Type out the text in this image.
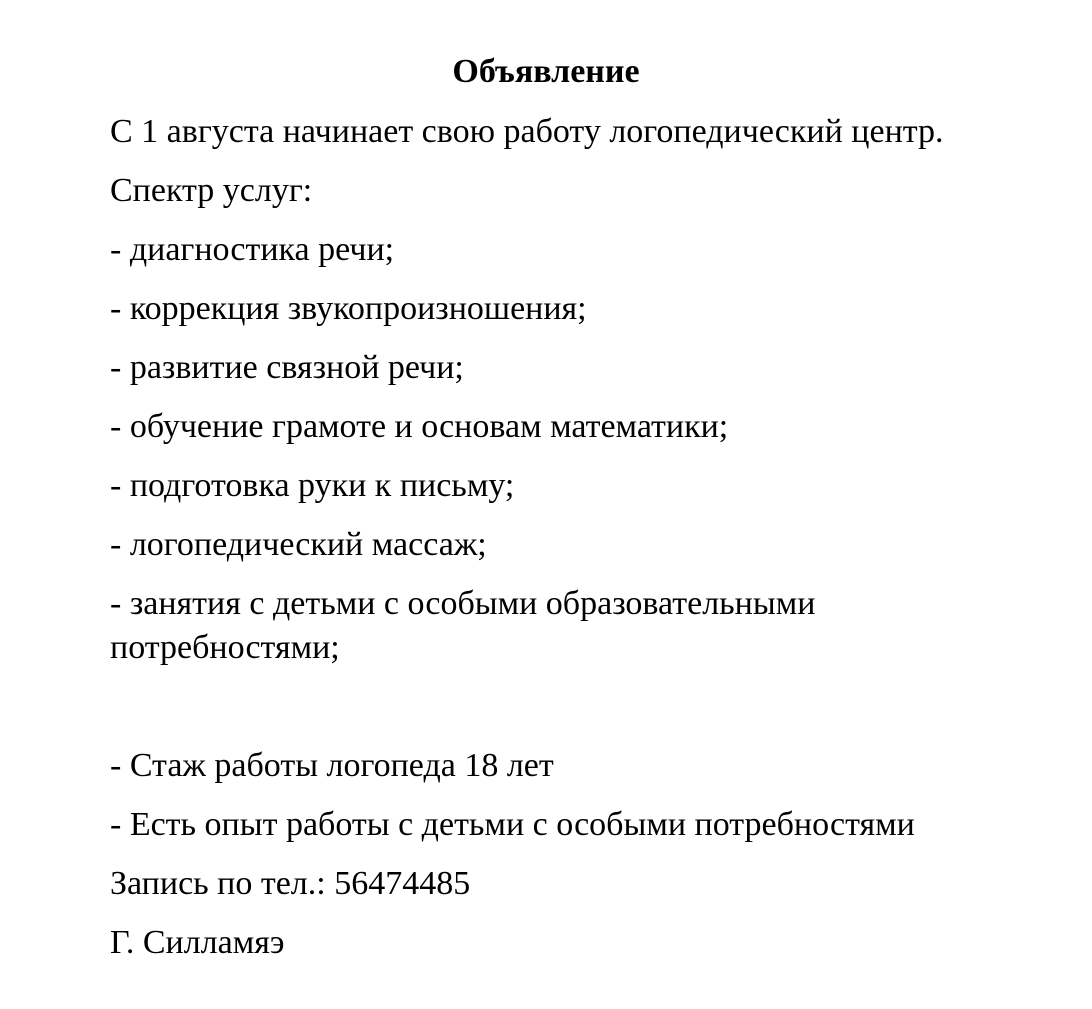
Объявление

С 1 августа начинает свою работу логопедический центр.

Спектр услуг:

- диагностика речи;

- коррекция звукопроизношения;

- развитие связной речи;

- обучение грамоте и основам математики;

- подготовка руки к письму;

- логопедический массаж;

- занятия с детьми с особыми образовательными потребностями;

- Стаж работы логопеда 18 лет

- Есть опыт работы с детьми с особыми потребностями

Запись по тел.: 56474485

Г. Силламяэ
